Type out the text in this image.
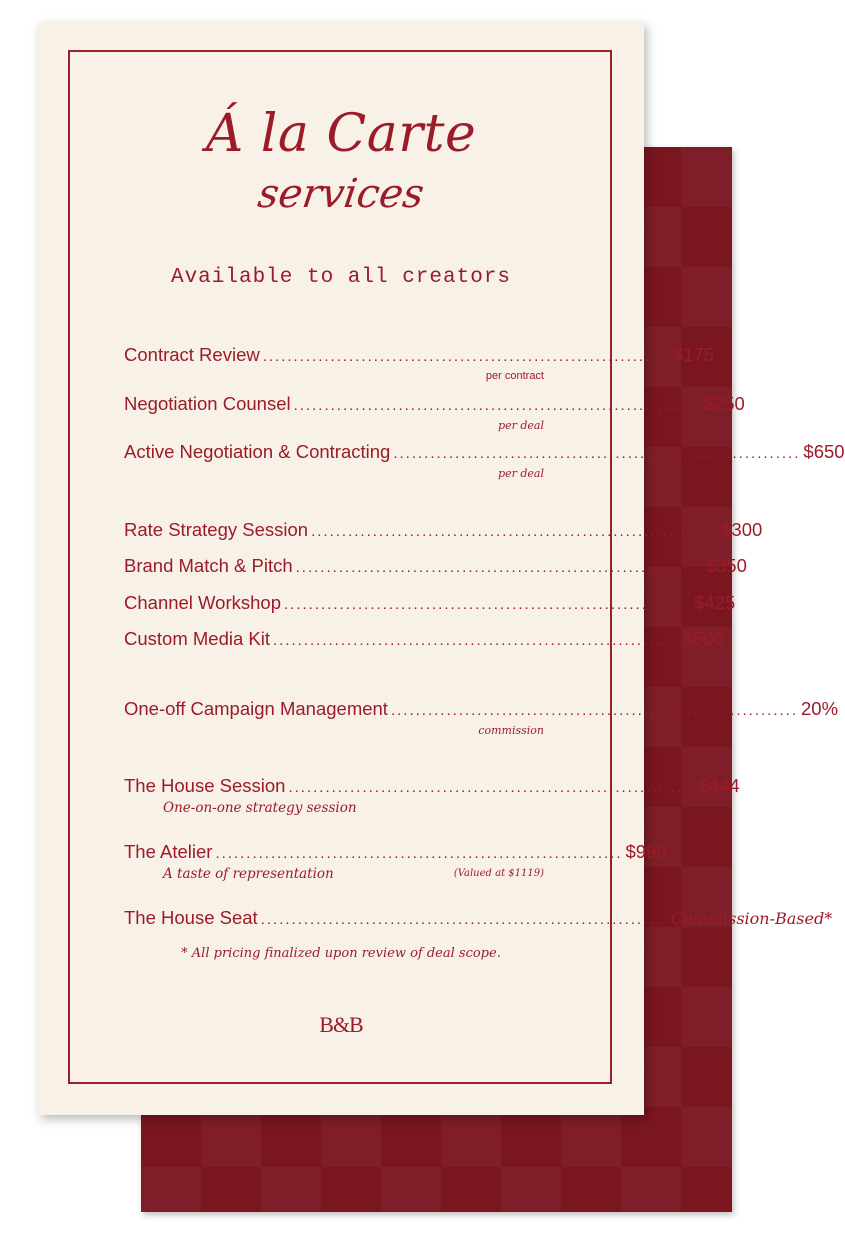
Á la Carte
services
Available to all creators
Contract Review .................................................................. $175
per contract
Negotiation Counsel .................................................................. $250
per deal
Active Negotiation & Contracting .................................................................. $650
per deal
Rate Strategy Session .................................................................. $300
Brand Match & Pitch .................................................................. $350
Channel Workshop .................................................................. $425
Custom Media Kit .................................................................. $500
One-off Campaign Management .................................................................. 20%
commission
The House Session .................................................................. $444
One-on-one strategy session
The Atelier .................................................................. $999
A taste of representation	(Valued at $1119)
The House Seat .................................................................. Commission-Based*
* All pricing finalized upon review of deal scope.
B&B
